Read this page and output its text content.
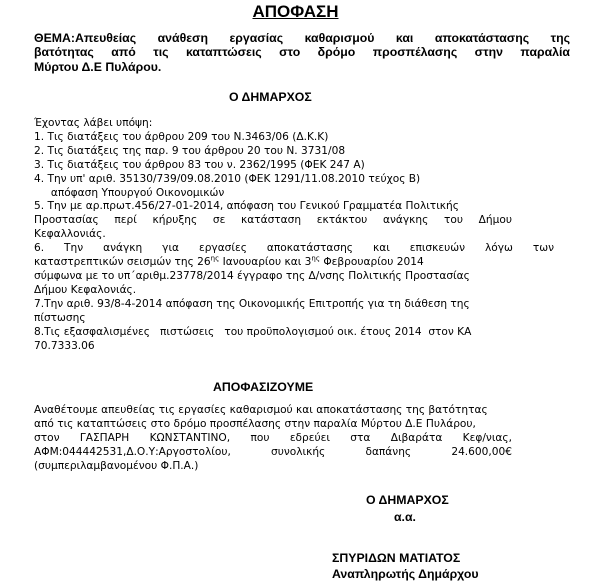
ΑΠΟΦΑΣΗ
ΘΕΜΑ:Απευθείας ανάθεση εργασίας καθαρισμού και αποκατάστασης της
βατότητας από τις καταπτώσεις στο δρόμο προσπέλασης στην παραλία
Μύρτου Δ.Ε Πυλάρου.
Ο ΔΗΜΑΡΧΟΣ
Έχοντας λάβει υπόψη:
1. Τις διατάξεις του άρθρου 209 του Ν.3463/06 (Δ.Κ.Κ)
2. Τις διατάξεις της παρ. 9 του άρθρου 20 του Ν. 3731/08
3. Τις διατάξεις του άρθρου 83 του ν. 2362/1995 (ΦΕΚ 247 Α)
4. Την υπ' αριθ. 35130/739/09.08.2010 (ΦΕΚ 1291/11.08.2010 τεύχος Β)
απόφαση Υπουργού Οικονομικών
5. Την με αρ.πρωτ.456/27-01-2014, απόφαση του Γενικού Γραμματέα Πολιτικής
Προστασίας περί κήρυξης σε κατάσταση εκτάκτου ανάγκης του Δήμου
Κεφαλλονιάς.
6. Την ανάγκη για εργασίες αποκατάστασης και επισκευών λόγω των
καταστρεπτικών σεισμών της $26^{\eta\varsigma}$ Ιανουαρίου και $3^{\eta\varsigma}$ Φεβρουαρίου 2014
σύμφωνα με το υπ΄αριθμ.23778/2014 έγγραφο της Δ/νσης Πολιτικής Προστασίας
Δήμου Κεφαλονιάς.
7.Την αριθ. 93/8-4-2014 απόφαση της Οικονομικής Επιτροπής για τη διάθεση της
πίστωσης
8.Τις εξασφαλισμένες   πιστώσεις   του προϋπολογισμού οικ. έτους 2014  στον ΚΑ
70.7333.06
ΑΠΟΦΑΣΙΖΟΥΜΕ
Αναθέτουμε απευθείας τις εργασίες καθαρισμού και αποκατάστασης της βατότητας
από τις καταπτώσεις στο δρόμο προσπέλασης στην παραλία Μύρτου Δ.Ε Πυλάρου,
στον ΓΑΣΠΑΡΗ ΚΩΝΣΤΑΝΤΙΝΟ, που εδρεύει στα Διβαράτα Κεφ/νιας,
ΑΦΜ:044442531,Δ.Ο.Υ:Αργοστολίου, συνολικής δαπάνης 24.600,00€
(συμπεριλαμβανομένου Φ.Π.Α.)
Ο ΔΗΜΑΡΧΟΣ
α.α.
ΣΠΥΡΙΔΩΝ ΜΑΤΙΑΤΟΣ
Αναπληρωτής Δημάρχου
